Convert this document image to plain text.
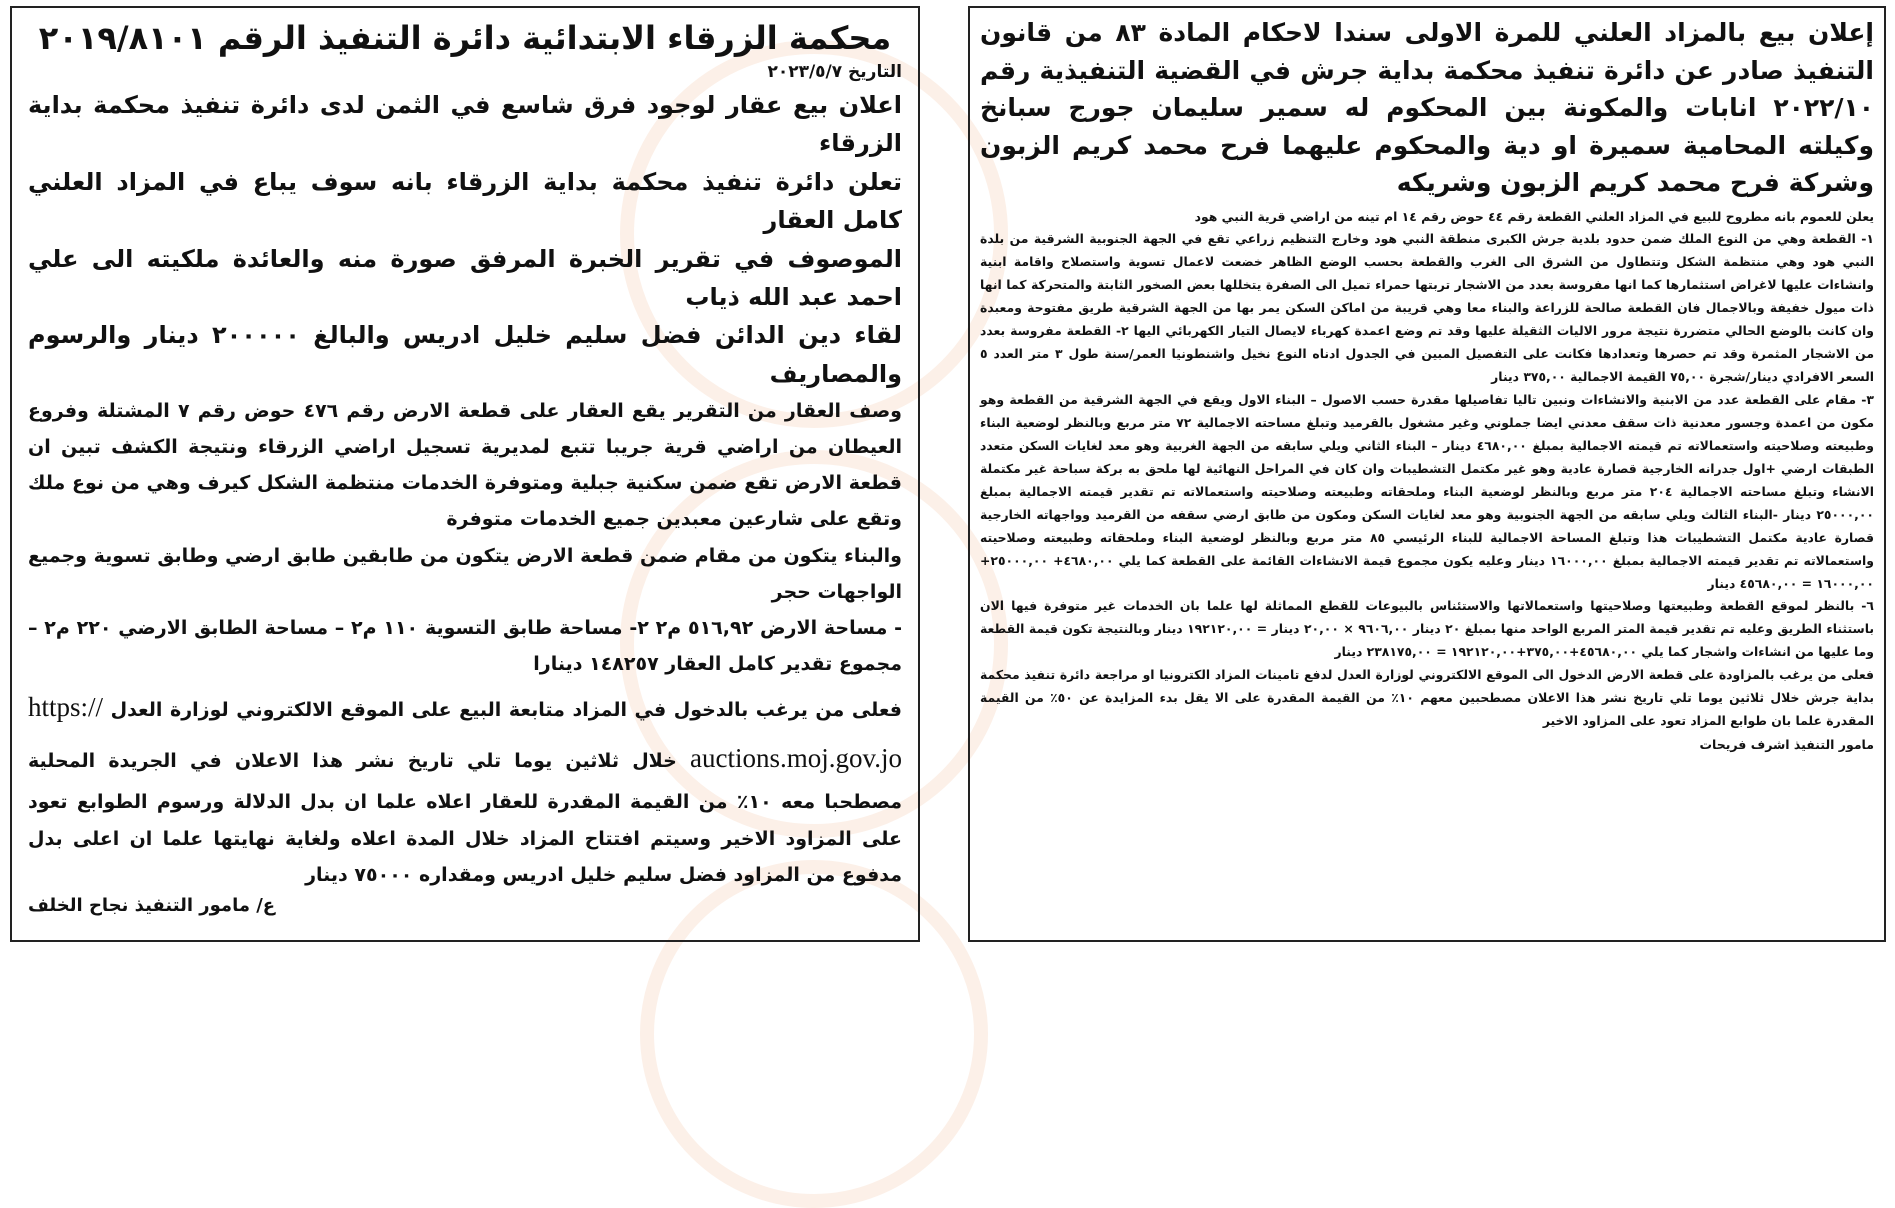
محكمة الزرقاء الابتدائية دائرة التنفيذ الرقم ٢٠١٩/٨١٠١
التاريخ ٢٠٢٣/٥/٧

اعلان بيع عقار لوجود فرق شاسع في الثمن لدى دائرة تنفيذ محكمة بداية الزرقاء

تعلن دائرة تنفيذ محكمة بداية الزرقاء بانه سوف يباع في المزاد العلني كامل العقار

الموصوف في تقرير الخبرة المرفق صورة منه والعائدة ملكيته الى علي احمد عبد الله ذياب

لقاء دين الدائن فضل سليم خليل ادريس والبالغ ٢٠٠٠٠٠ دينار والرسوم والمصاريف

وصف العقار من التقرير يقع العقار على قطعة الارض رقم ٤٧٦ حوض رقم ٧ المشتلة وفروع العيطان من اراضي قرية جريبا تتبع لمديرية تسجيل اراضي الزرقاء ونتيجة الكشف تبين ان قطعة الارض تقع ضمن سكنية جبلية ومتوفرة الخدمات منتظمة الشكل كيرف وهي من نوع ملك وتقع على شارعين معبدين جميع الخدمات متوفرة

والبناء يتكون من مقام ضمن قطعة الارض يتكون من طابقين طابق ارضي وطابق تسوية وجميع الواجهات حجر

- مساحة الارض ٥١٦,٩٢ م٢ ٢- مساحة طابق التسوية ١١٠ م٢ – مساحة الطابق الارضي ٢٢٠ م٢ – مجموع تقدير كامل العقار ١٤٨٢٥٧ دينارا

فعلى من يرغب بالدخول في المزاد متابعة البيع على الموقع الالكتروني لوزارة العدل https:// auctions.moj.gov.jo خلال ثلاثين يوما تلي تاريخ نشر هذا الاعلان في الجريدة المحلية مصطحبا معه ١٠٪ من القيمة المقدرة للعقار اعلاه علما ان بدل الدلالة ورسوم الطوابع تعود على المزاود الاخير وسيتم افتتاح المزاد خلال المدة اعلاه ولغاية نهايتها علما ان اعلى بدل مدفوع من المزاود فضل سليم خليل ادريس ومقداره ٧٥٠٠٠ دينار

ع/ مامور التنفيذ نجاح الخلف
إعلان بيع بالمزاد العلني للمرة الاولى سندا لاحكام المادة ٨٣ من قانون التنفيذ صادر عن دائرة تنفيذ محكمة بداية جرش في القضية التنفيذية رقم ٢٠٢٢/١٠ انابات والمكونة بين المحكوم له سمير سليمان جورج سبانخ وكيلته المحامية سميرة او دية والمحكوم عليهما فرح محمد كريم الزبون وشركة فرح محمد كريم الزبون وشريكه

يعلن للعموم بانه مطروح للبيع في المزاد العلني القطعة رقم ٤٤ حوض رقم ١٤ ام تينه من اراضي قرية النبي هود

١- القطعة وهي من النوع الملك ضمن حدود بلدية جرش الكبرى منطقة النبي هود وخارج التنظيم زراعي تقع في الجهة الجنوبية الشرقية من بلدة النبي هود وهي منتظمة الشكل وتتطاول من الشرق الى الغرب والقطعة بحسب الوضع الظاهر خضعت لاعمال تسوية واستصلاح واقامة ابنية وانشاءات عليها لاغراض استثمارها كما انها مفروسة بعدد من الاشجار تربتها حمراء تميل الى الصفرة يتخللها بعض الصخور الثابتة والمتحركة كما انها ذات ميول خفيفة وبالاجمال فان القطعة صالحة للزراعة والبناء معا وهي قريبة من اماكن السكن يمر بها من الجهة الشرقية طريق مفتوحة ومعبدة وان كانت بالوضع الحالي متضررة نتيجة مرور الاليات الثقيلة عليها وقد تم وضع اعمدة كهرباء لايصال التيار الكهربائي اليها ٢- القطعة مفروسة بعدد من الاشجار المثمرة وقد تم حصرها وتعدادها فكانت على التفصيل المبين في الجدول ادناه النوع نخيل واشنطونيا العمر/سنة طول ٣ متر العدد ٥ السعر الافرادي دينار/شجرة ٧٥,٠٠ القيمة الاجمالية ٣٧٥,٠٠ دينار

٣- مقام على القطعة عدد من الابنية والانشاءات ونبين تاليا تفاصيلها مقدرة حسب الاصول – البناء الاول ويقع في الجهة الشرقية من القطعة وهو مكون من اعمدة وجسور معدنية ذات سقف معدني ايضا جملوني وغير مشغول بالقرميد وتبلغ مساحته الاجمالية ٧٢ متر مربع وبالنظر لوضعية البناء وطبيعته وصلاحيته واستعمالاته تم قيمته الاجمالية بمبلغ ٤٦٨٠,٠٠ دينار – البناء الثاني ويلي سابقه من الجهة الغربية وهو معد لغايات السكن متعدد الطبقات ارضي +اول جدرانه الخارجية قصارة عادية وهو غير مكتمل التشطيبات وان كان في المراحل النهائية لها ملحق به بركة سباحة غير مكتملة الانشاء وتبلغ مساحته الاجمالية ٢٠٤ متر مربع وبالنظر لوضعية البناء وملحقاته وطبيعته وصلاحيته واستعمالاته تم تقدير قيمته الاجمالية بمبلغ ٢٥٠٠٠,٠٠ دينار -البناء الثالث ويلي سابقه من الجهة الجنوبية وهو معد لغايات السكن ومكون من طابق ارضي سقفه من القرميد وواجهاته الخارجية قصارة عادية مكتمل التشطيبات هذا وتبلغ المساحة الاجمالية للبناء الرئيسي ٨٥ متر مربع وبالنظر لوضعية البناء وملحقاته وطبيعته وصلاحيته واستعمالاته تم تقدير قيمته الاجمالية بمبلغ ١٦٠٠٠,٠٠ دينار وعليه يكون مجموع قيمة الانشاءات القائمة على القطعة كما يلي ٤٦٨٠,٠٠+ ٢٥٠٠٠,٠٠+ ١٦٠٠٠,٠٠ = ٤٥٦٨٠,٠٠ دينار

٦- بالنظر لموقع القطعة وطبيعتها وصلاحيتها واستعمالاتها والاستئناس بالبيوعات للقطع المماثلة لها علما بان الخدمات غير متوفرة فيها الان باستثناء الطريق وعليه تم تقدير قيمة المتر المربع الواحد منها بمبلغ ٢٠ دينار ٩٦٠٦,٠٠ × ٢٠,٠٠ دينار = ١٩٢١٢٠,٠٠ دينار وبالنتيجة تكون قيمة القطعة وما عليها من انشاءات واشجار كما يلي ٤٥٦٨٠,٠٠+٣٧٥,٠٠+١٩٢١٢٠,٠٠ = ٢٣٨١٧٥,٠٠ دينار

فعلى من يرغب بالمزاودة على قطعة الارض الدخول الى الموقع الالكتروني لوزارة العدل لدفع تامينات المزاد الكترونيا او مراجعة دائرة تنفيذ محكمة بداية جرش خلال ثلاثين يوما تلي تاريخ نشر هذا الاعلان مصطحبين معهم ١٠٪ من القيمة المقدرة على الا يقل بدء المزايدة عن ٥٠٪ من القيمة المقدرة علما بان طوابع المزاد تعود على المزاود الاخير

مامور التنفيذ اشرف فريحات
